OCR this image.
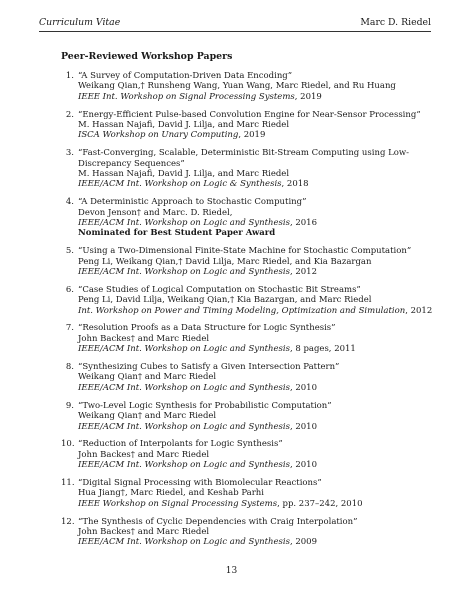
Curriculum Vitae	Marc D. Riedel
Peer-Reviewed Workshop Papers
1. “A Survey of Computation-Driven Data Encoding”
Weikang Qian,† Runsheng Wang, Yuan Wang, Marc Riedel, and Ru Huang
IEEE Int. Workshop on Signal Processing Systems, 2019
2. “Energy-Efficient Pulse-based Convolution Engine for Near-Sensor Processing”
M. Hassan Najafi, David J. Lilja, and Marc Riedel
ISCA Workshop on Unary Computing, 2019
3. “Fast-Converging, Scalable, Deterministic Bit-Stream Computing using Low-Discrepancy Sequences”
M. Hassan Najafi, David J. Lilja, and Marc Riedel
IEEE/ACM Int. Workshop on Logic & Synthesis, 2018
4. “A Deterministic Approach to Stochastic Computing”
Devon Jenson† and Marc. D. Riedel,
IEEE/ACM Int. Workshop on Logic and Synthesis, 2016
Nominated for Best Student Paper Award
5. “Using a Two-Dimensional Finite-State Machine for Stochastic Computation”
Peng Li, Weikang Qian,† David Lilja, Marc Riedel, and Kia Bazargan
IEEE/ACM Int. Workshop on Logic and Synthesis, 2012
6. “Case Studies of Logical Computation on Stochastic Bit Streams”
Peng Li, David Lilja, Weikang Qian,† Kia Bazargan, and Marc Riedel
Int. Workshop on Power and Timing Modeling, Optimization and Simulation, 2012
7. “Resolution Proofs as a Data Structure for Logic Synthesis”
John Backes† and Marc Riedel
IEEE/ACM Int. Workshop on Logic and Synthesis, 8 pages, 2011
8. “Synthesizing Cubes to Satisfy a Given Intersection Pattern”
Weikang Qian† and Marc Riedel
IEEE/ACM Int. Workshop on Logic and Synthesis, 2010
9. “Two-Level Logic Synthesis for Probabilistic Computation”
Weikang Qian† and Marc Riedel
IEEE/ACM Int. Workshop on Logic and Synthesis, 2010
10. “Reduction of Interpolants for Logic Synthesis”
John Backes† and Marc Riedel
IEEE/ACM Int. Workshop on Logic and Synthesis, 2010
11. “Digital Signal Processing with Biomolecular Reactions”
Hua Jiang†, Marc Riedel, and Keshab Parhi
IEEE Workshop on Signal Processing Systems, pp. 237–242, 2010
12. “The Synthesis of Cyclic Dependencies with Craig Interpolation”
John Backes† and Marc Riedel
IEEE/ACM Int. Workshop on Logic and Synthesis, 2009
13
